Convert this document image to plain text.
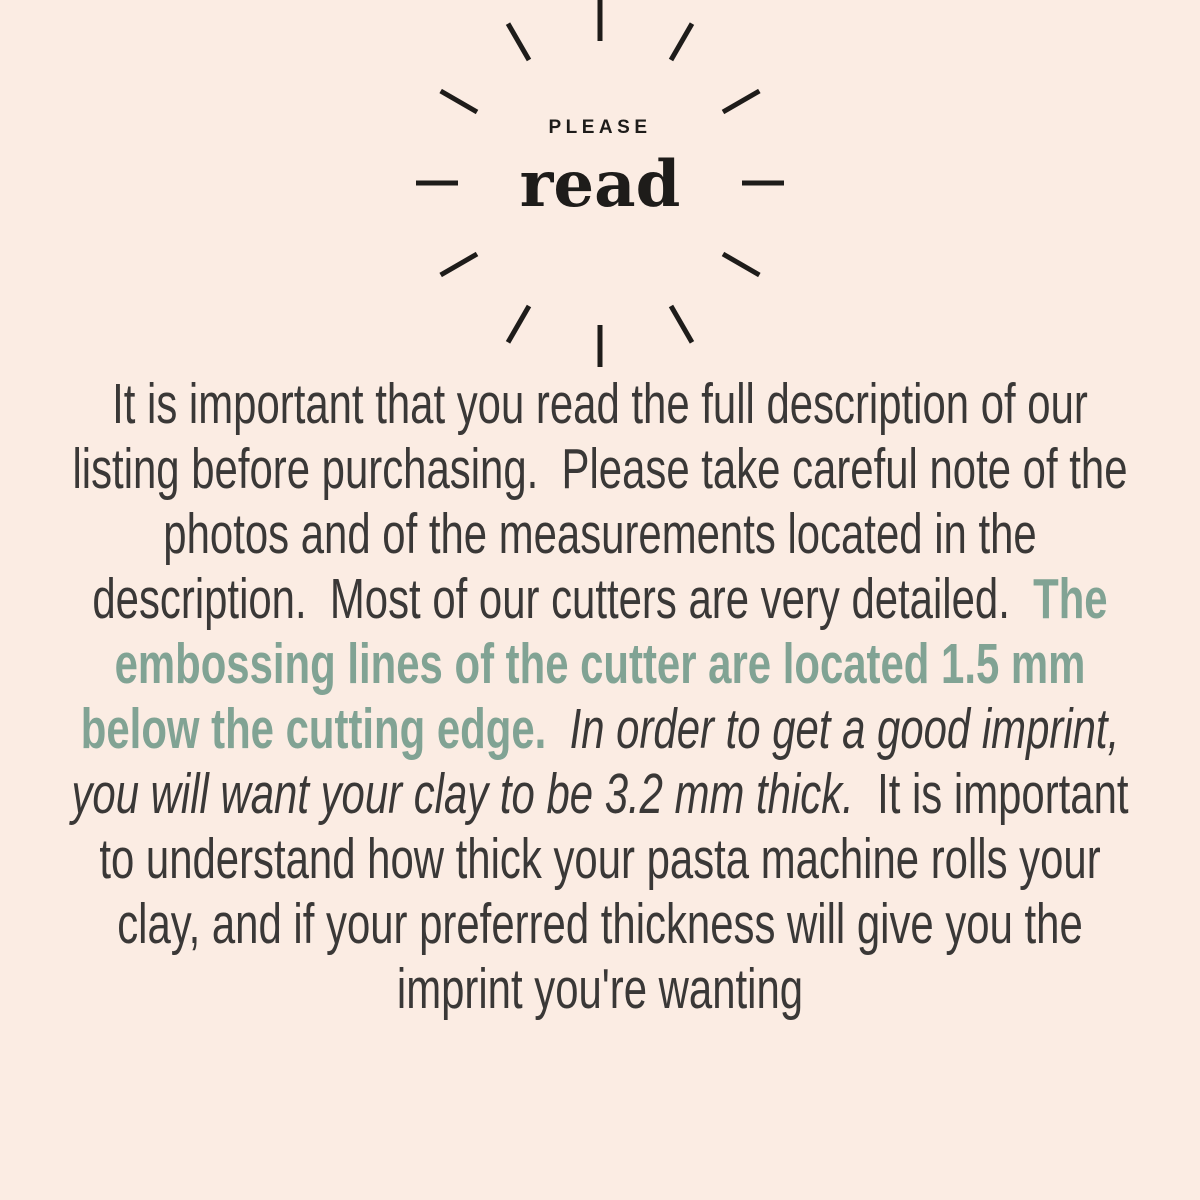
PLEASE
read

It is important that you read the full description of our listing before purchasing.  Please take careful note of the photos and of the measurements located in the description.  Most of our cutters are very detailed.  The embossing lines of the cutter are located 1.5 mm below the cutting edge. In order to get a good imprint, you will want your clay to be 3.2 mm thick.  It is important to understand how thick your pasta machine rolls your clay, and if your preferred thickness will give you the imprint you're wanting
